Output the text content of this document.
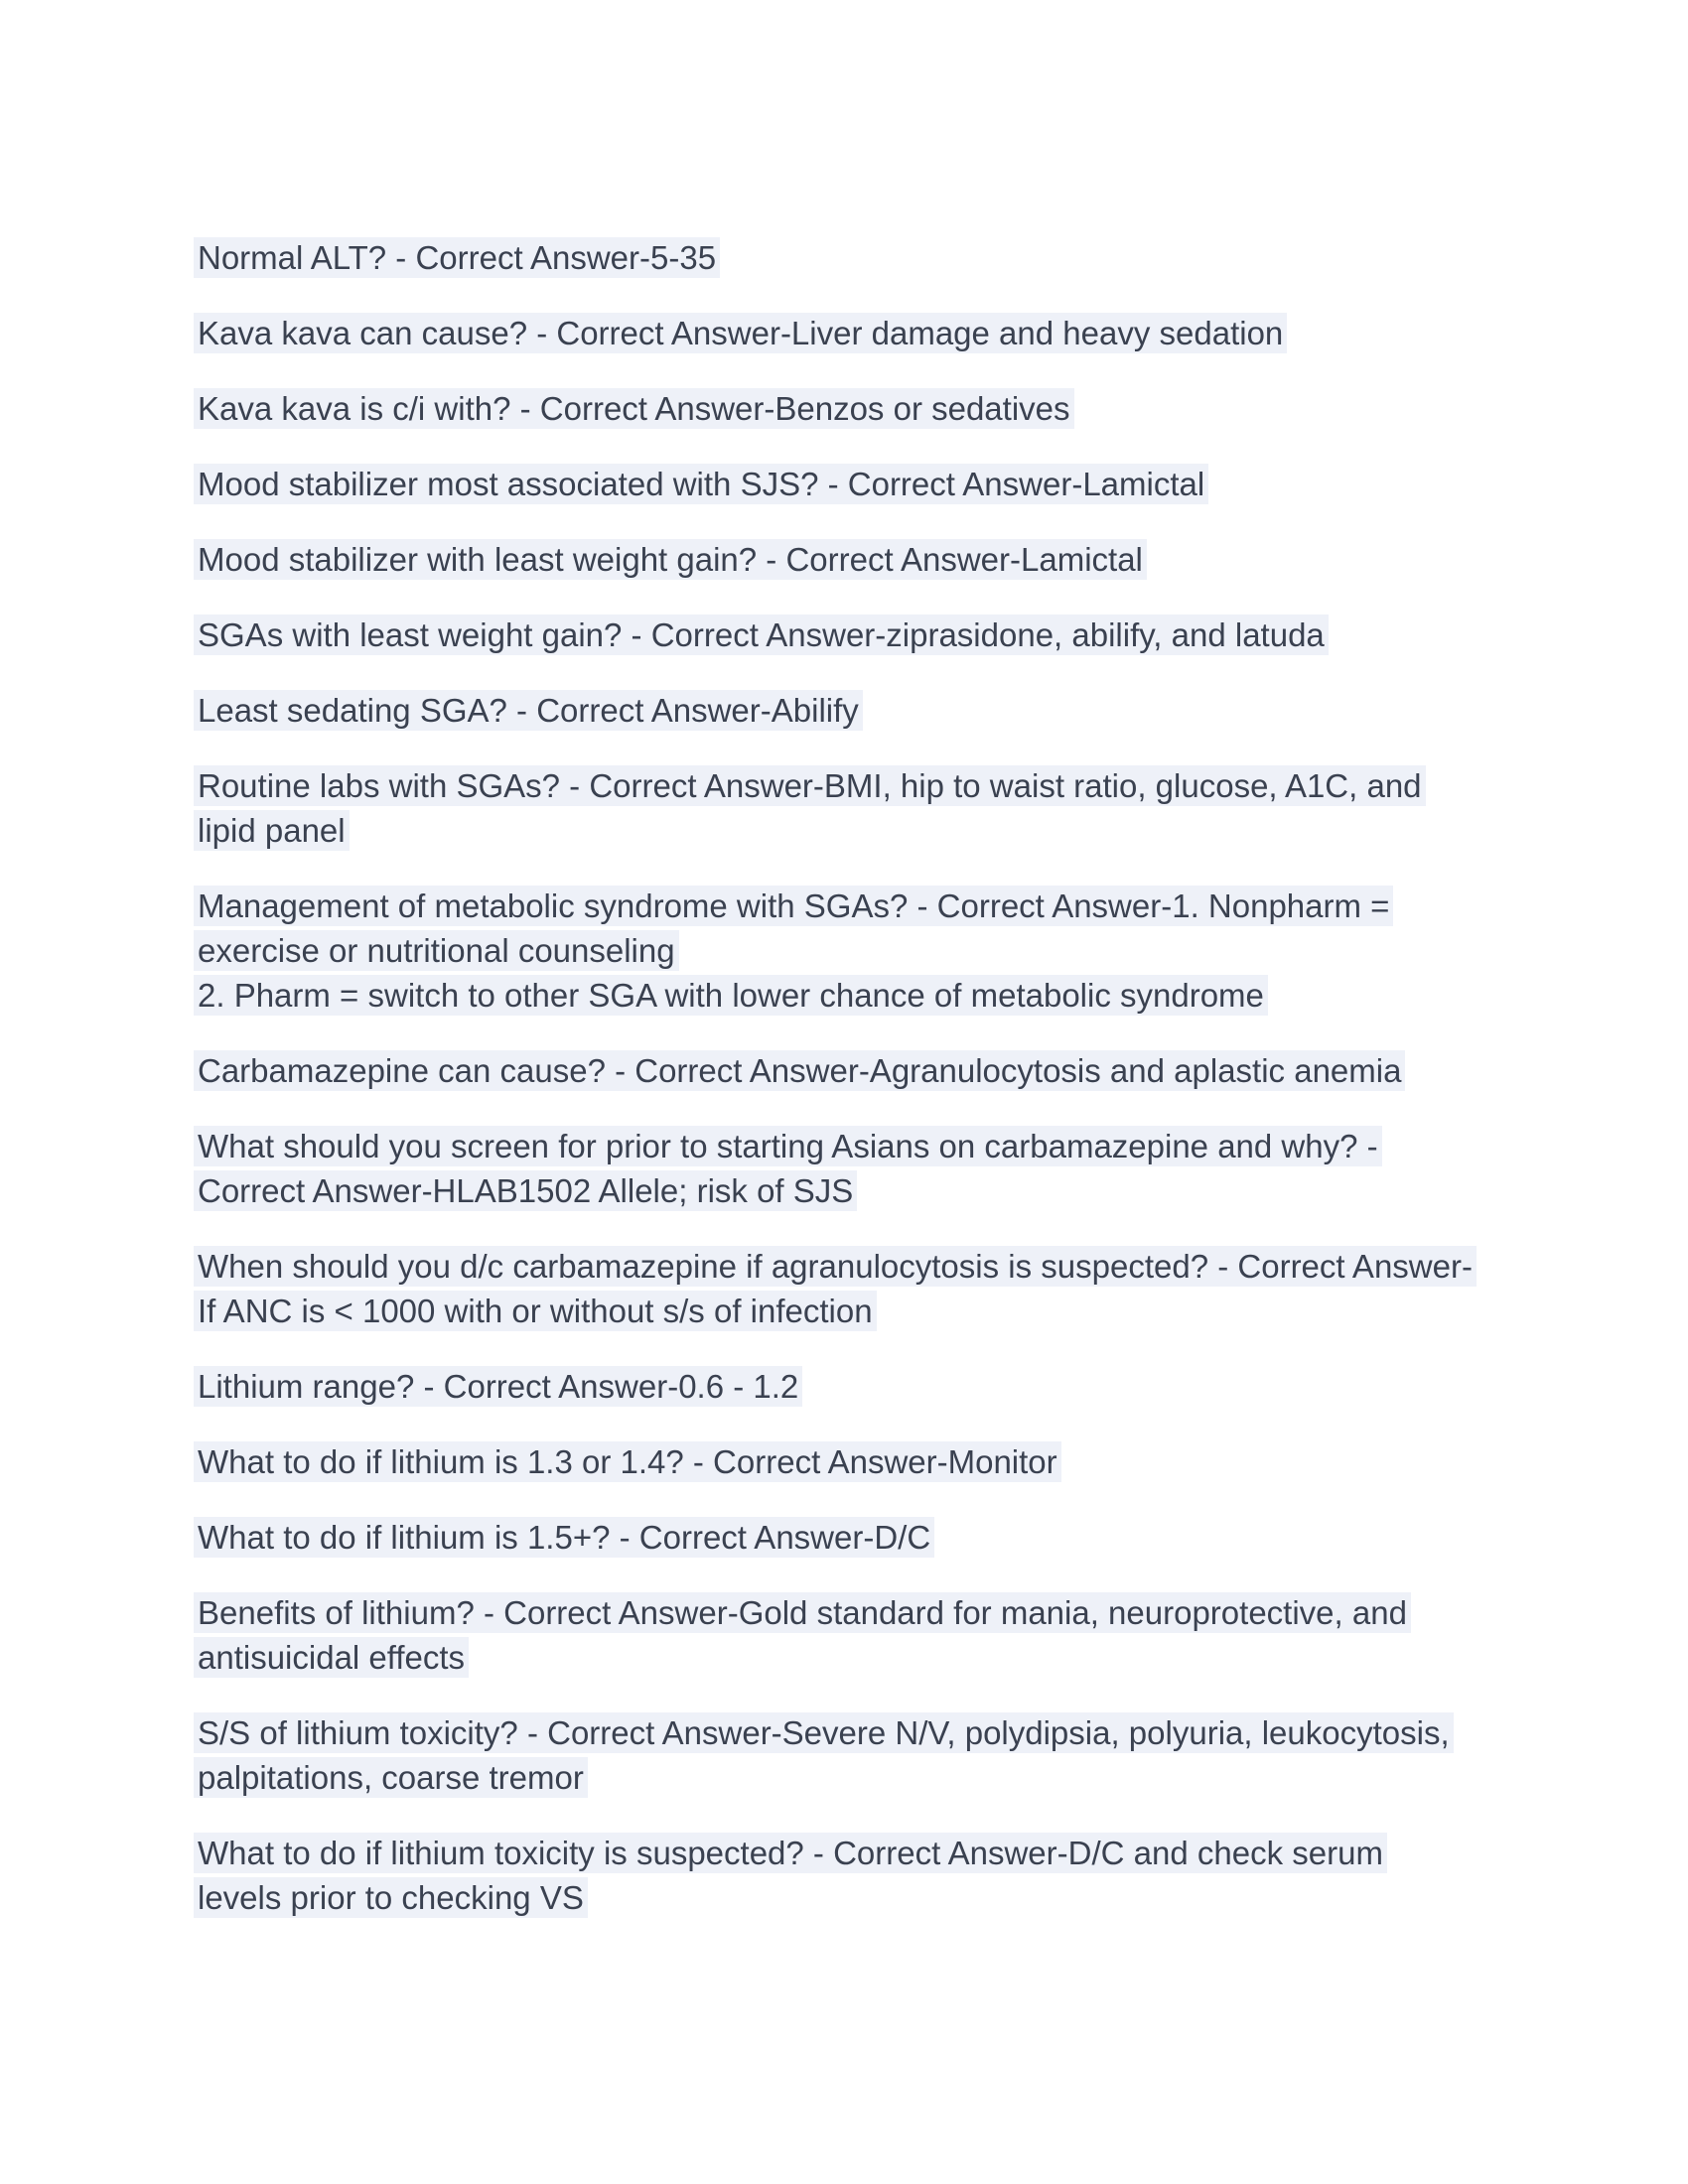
Normal ALT? - Correct Answer-5-35
Kava kava can cause? - Correct Answer-Liver damage and heavy sedation
Kava kava is c/i with? - Correct Answer-Benzos or sedatives
Mood stabilizer most associated with SJS? - Correct Answer-Lamictal
Mood stabilizer with least weight gain? - Correct Answer-Lamictal
SGAs with least weight gain? - Correct Answer-ziprasidone, abilify, and latuda
Least sedating SGA? - Correct Answer-Abilify
Routine labs with SGAs? - Correct Answer-BMI, hip to waist ratio, glucose, A1C, and
lipid panel
Management of metabolic syndrome with SGAs? - Correct Answer-1. Nonpharm =
exercise or nutritional counseling
2. Pharm = switch to other SGA with lower chance of metabolic syndrome
Carbamazepine can cause? - Correct Answer-Agranulocytosis and aplastic anemia
What should you screen for prior to starting Asians on carbamazepine and why? -
Correct Answer-HLAB1502 Allele; risk of SJS
When should you d/c carbamazepine if agranulocytosis is suspected? - Correct Answer-
If ANC is < 1000 with or without s/s of infection
Lithium range? - Correct Answer-0.6 - 1.2
What to do if lithium is 1.3 or 1.4? - Correct Answer-Monitor
What to do if lithium is 1.5+? - Correct Answer-D/C
Benefits of lithium? - Correct Answer-Gold standard for mania, neuroprotective, and
antisuicidal effects
S/S of lithium toxicity? - Correct Answer-Severe N/V, polydipsia, polyuria, leukocytosis,
palpitations, coarse tremor
What to do if lithium toxicity is suspected? - Correct Answer-D/C and check serum
levels prior to checking VS
